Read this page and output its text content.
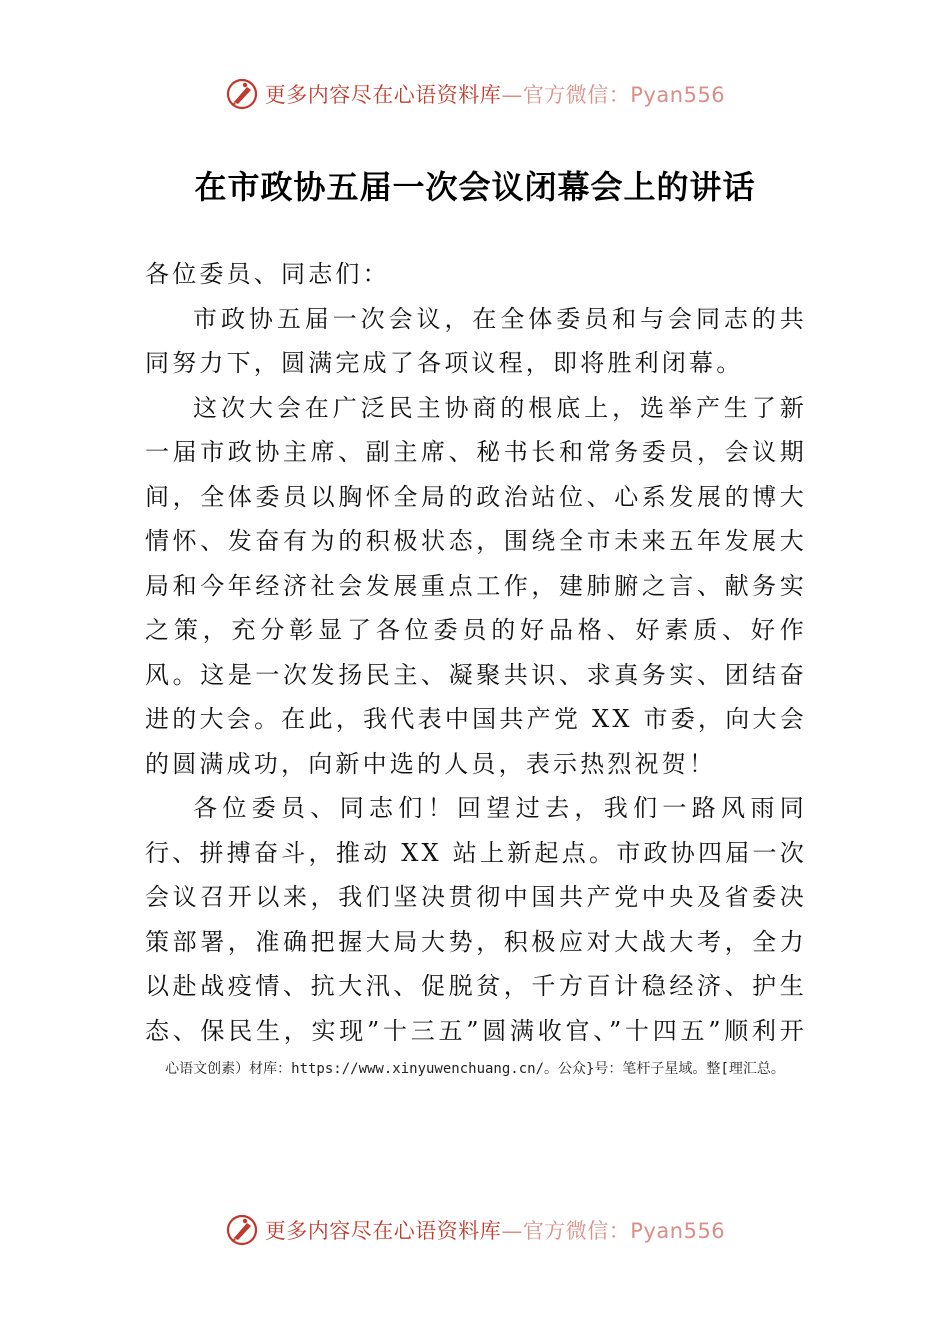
更多内容尽在心语资料库—官方微信：Pyan556
在市政协五届一次会议闭幕会上的讲话

各位委员、同志们：

市政协五届一次会议，在全体委员和与会同志的共同努力下，圆满完成了各项议程，即将胜利闭幕。

这次大会在广泛民主协商的根底上，选举产生了新一届市政协主席、副主席、秘书长和常务委员，会议期间，全体委员以胸怀全局的政治站位、心系发展的博大情怀、发奋有为的积极状态，围绕全市未来五年发展大局和今年经济社会发展重点工作，建肺腑之言、献务实之策，充分彰显了各位委员的好品格、好素质、好作风。这是一次发扬民主、凝聚共识、求真务实、团结奋进的大会。在此，我代表中国共产党 XX 市委，向大会的圆满成功，向新中选的人员，表示热烈祝贺！

各位委员、同志们！回望过去，我们一路风雨同行、拼搏奋斗，推动 XX 站上新起点。市政协四届一次会议召开以来，我们坚决贯彻中国共产党中央及省委决策部署，准确把握大局大势，积极应对大战大考，全力以赴战疫情、抗大汛、促脱贫，千方百计稳经济、护生态、保民生，实现”十三五”圆满收官、”十四五”顺利开

心语文创素）材库：https://www.xinyuwenchuang.cn/。公众}号：笔杆子星域。整[理汇总。
更多内容尽在心语资料库—官方微信：Pyan556
